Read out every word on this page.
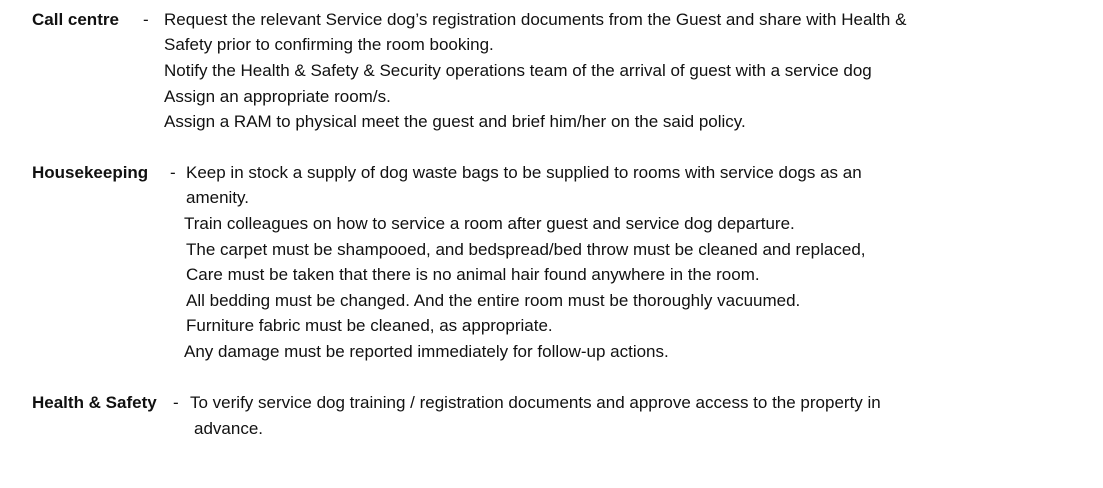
Call centre - Request the relevant Service dog’s registration documents from the Guest and share with Health &
Safety prior to confirming the room booking.
Notify the Health & Safety & Security operations team of the arrival of guest with a service dog
Assign an appropriate room/s.
Assign a RAM to physical meet the guest and brief him/her on the said policy.
Housekeeping - Keep in stock a supply of dog waste bags to be supplied to rooms with service dogs as an
amenity.
Train colleagues on how to service a room after guest and service dog departure.
The carpet must be shampooed, and bedspread/bed throw must be cleaned and replaced,
Care must be taken that there is no animal hair found anywhere in the room.
All bedding must be changed. And the entire room must be thoroughly vacuumed.
Furniture fabric must be cleaned, as appropriate.
Any damage must be reported immediately for follow-up actions.
Health & Safety - To verify service dog training / registration documents and approve access to the property in
advance.
